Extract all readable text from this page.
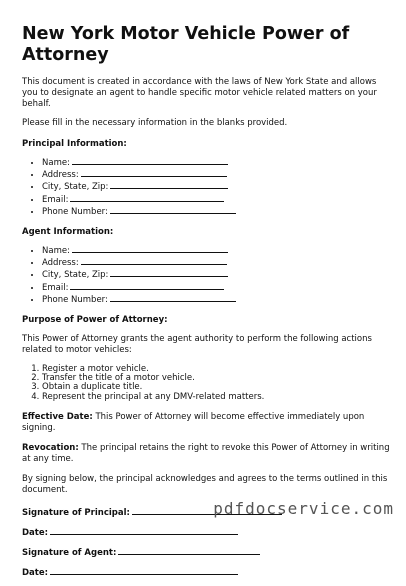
New York Motor Vehicle Power of Attorney

This document is created in accordance with the laws of New York State and allows you to designate an agent to handle specific motor vehicle related matters on your behalf.

Please fill in the necessary information in the blanks provided.

Principal Information:
• Name:
• Address:
• City, State, Zip:
• Email:
• Phone Number:
Agent Information:
• Name:
• Address:
• City, State, Zip:
• Email:
• Phone Number:
Purpose of Power of Attorney:

This Power of Attorney grants the agent authority to perform the following actions related to motor vehicles:

1. Register a motor vehicle.
2. Transfer the title of a motor vehicle.
3. Obtain a duplicate title.
4. Represent the principal at any DMV-related matters.

Effective Date: This Power of Attorney will become effective immediately upon signing.

Revocation: The principal retains the right to revoke this Power of Attorney in writing at any time.

By signing below, the principal acknowledges and agrees to the terms outlined in this document.

Signature of Principal:
Date:
Signature of Agent:
Date:
pdfdocservice.com
